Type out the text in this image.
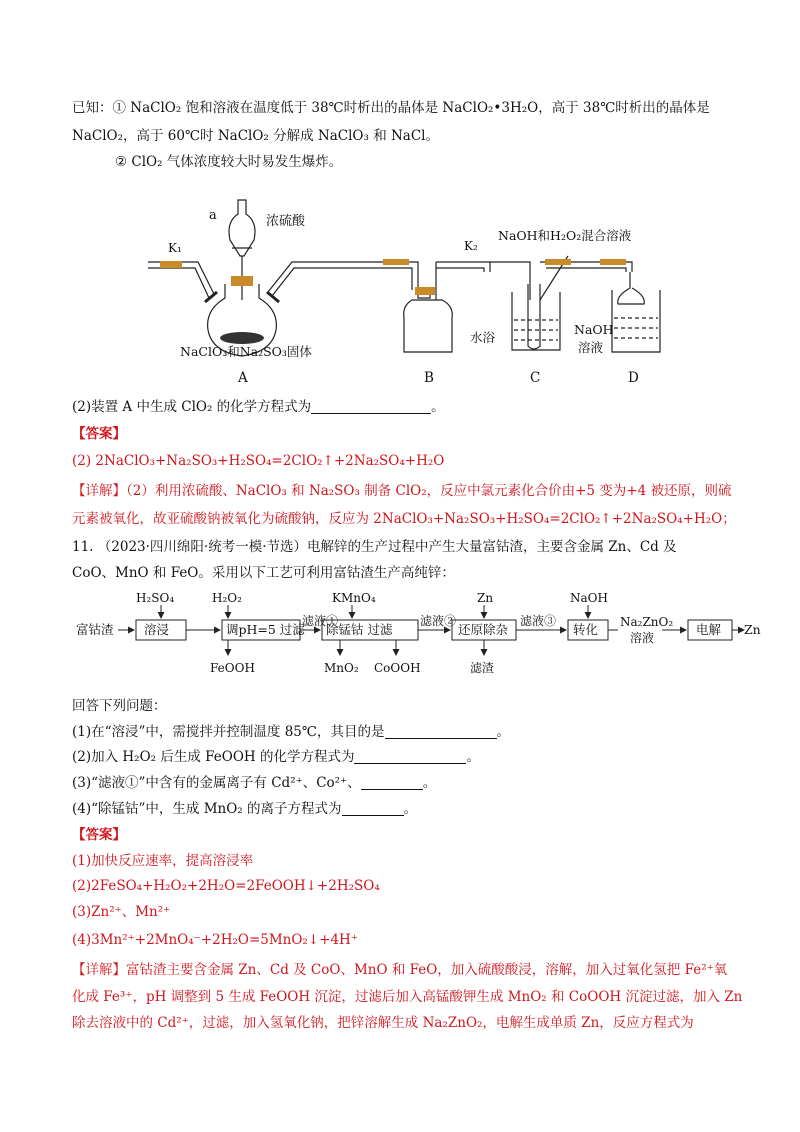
已知：① NaClO₂ 饱和溶液在温度低于 38℃时析出的晶体是 NaClO₂•3H₂O，高于 38℃时析出的晶体是
NaClO₂，高于 60℃时 NaClO₂ 分解成 NaClO₃ 和 NaCl。
② ClO₂ 气体浓度较大时易发生爆炸。
a	浓硫酸
K₁	K₂
NaOH和H₂O₂混合溶液
NaClO₃和Na₂SO₃固体
水浴
NaOH
溶液
A	B	C	D
(2)装置 A 中生成 ClO₂ 的化学方程式为	。
【答案】
(2) 2NaClO₃+Na₂SO₃+H₂SO₄=2ClO₂↑+2Na₂SO₄+H₂O
【详解】（2）利用浓硫酸、NaClO₃ 和 Na₂SO₃ 制备 ClO₂，反应中氯元素化合价由+5 变为+4 被还原，则硫
元素被氧化，故亚硫酸钠被氧化为硫酸钠，反应为 2NaClO₃+Na₂SO₃+H₂SO₄=2ClO₂↑+2Na₂SO₄+H₂O；
11. （2023·四川绵阳·统考一模·节选）电解锌的生产过程中产生大量富钴渣，主要含金属 Zn、Cd 及
CoO、MnO 和 FeO。采用以下工艺可利用富钴渣生产高纯锌：
富钴渣 溶浸	调pH=5 过滤 除锰钴 过滤	还原除杂	转化	电解
H₂SO₄	H₂O₂	KMnO₄	Zn	NaOH
滤液①	滤液②	滤液③	Na₂ZnO₂
溶液
Zn
FeOOH	MnO₂ CoOOH	滤渣
回答下列问题：
(1)在“溶浸”中，需搅拌并控制温度 85℃，其目的是	。
(2)加入 H₂O₂ 后生成 FeOOH 的化学方程式为	。
(3)“滤液①”中含有的金属离子有 Cd²⁺、Co²⁺、	。
(4)“除锰钴”中，生成 MnO₂ 的离子方程式为	。
【答案】
(1)加快反应速率，提高溶浸率
(2)2FeSO₄+H₂O₂+2H₂O=2FeOOH↓+2H₂SO₄
(3)Zn²⁺、Mn²⁺
(4)3Mn²⁺+2MnO₄⁻+2H₂O=5MnO₂↓+4H⁺
【详解】富钴渣主要含金属 Zn、Cd 及 CoO、MnO 和 FeO，加入硫酸酸浸，溶解，加入过氧化氢把 Fe²⁺氧
化成 Fe³⁺，pH 调整到 5 生成 FeOOH 沉淀，过滤后加入高锰酸钾生成 MnO₂ 和 CoOOH 沉淀过滤，加入 Zn
除去溶液中的 Cd²⁺，过滤，加入氢氧化钠，把锌溶解生成 Na₂ZnO₂，电解生成单质 Zn，反应方程式为
